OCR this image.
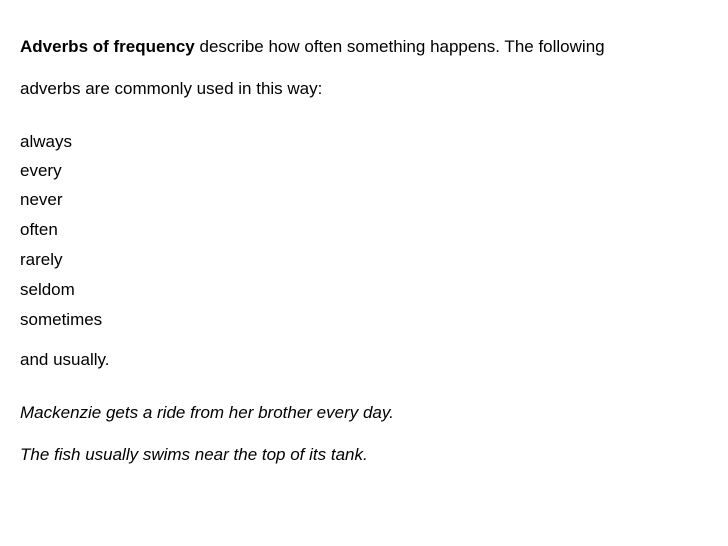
Adverbs of frequency describe how often something happens. The following
adverbs are commonly used in this way:
always
every
never
often
rarely
seldom
sometimes
and usually.
Mackenzie gets a ride from her brother every day.
The fish usually swims near the top of its tank.
